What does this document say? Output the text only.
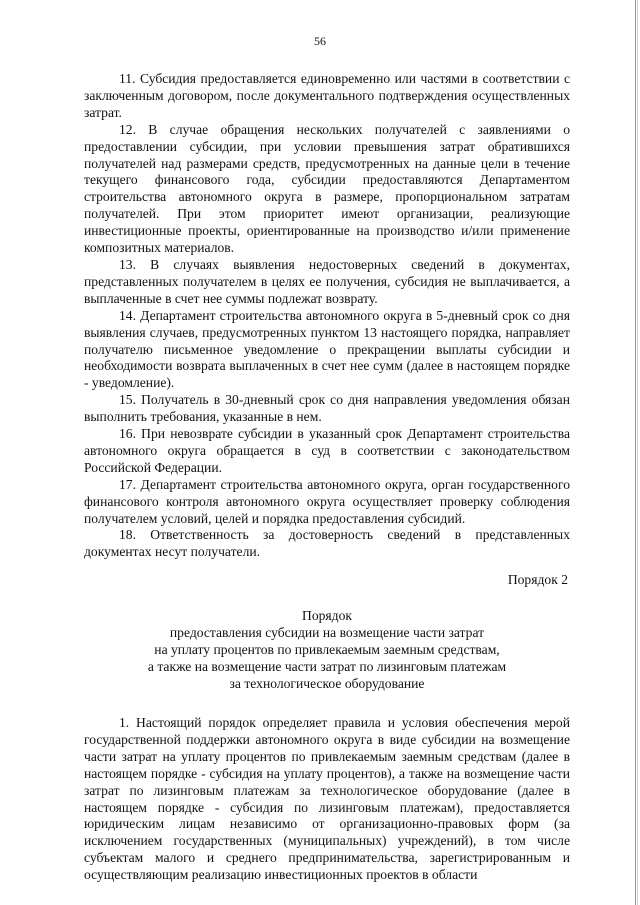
56

11. Субсидия предоставляется единовременно или частями в соответствии с заключенным договором, после документального подтверждения осуществленных затрат.

12. В случае обращения нескольких получателей с заявлениями о предоставлении субсидии, при условии превышения затрат обратившихся получателей над размерами средств, предусмотренных на данные цели в течение текущего финансового года, субсидии предоставляются Департаментом строительства автономного округа в размере, пропорциональном затратам получателей. При этом приоритет имеют организации, реализующие инвестиционные проекты, ориентированные на производство и/или применение композитных материалов.

13. В случаях выявления недостоверных сведений в документах, представленных получателем в целях ее получения, субсидия не выплачивается, а выплаченные в счет нее суммы подлежат возврату.

14. Департамент строительства автономного округа в 5-дневный срок со дня выявления случаев, предусмотренных пунктом 13 настоящего порядка, направляет получателю письменное уведомление о прекращении выплаты субсидии и необходимости возврата выплаченных в счет нее сумм (далее в настоящем порядке - уведомление).

15. Получатель в 30-дневный срок со дня направления уведомления обязан выполнить требования, указанные в нем.

16. При невозврате субсидии в указанный срок Департамент строительства автономного округа обращается в суд в соответствии с законодательством Российской Федерации.

17. Департамент строительства автономного округа, орган государственного финансового контроля автономного округа осуществляет проверку соблюдения получателем условий, целей и порядка предоставления субсидий.

18. Ответственность за достоверность сведений в представленных документах несут получатели.

Порядок 2
Порядок
предоставления субсидии на возмещение части затрат
на уплату процентов по привлекаемым заемным средствам,
а также на возмещение части затрат по лизинговым платежам
за технологическое оборудование

1. Настоящий порядок определяет правила и условия обеспечения мерой государственной поддержки автономного округа в виде субсидии на возмещение части затрат на уплату процентов по привлекаемым заемным средствам (далее в настоящем порядке - субсидия на уплату процентов), а также на возмещение части затрат по лизинговым платежам за технологическое оборудование (далее в настоящем порядке - субсидия по лизинговым платежам), предоставляется юридическим лицам независимо от организационно-правовых форм (за исключением государственных (муниципальных) учреждений), в том числе субъектам малого и среднего предпринимательства, зарегистрированным и осуществляющим реализацию инвестиционных проектов в области
